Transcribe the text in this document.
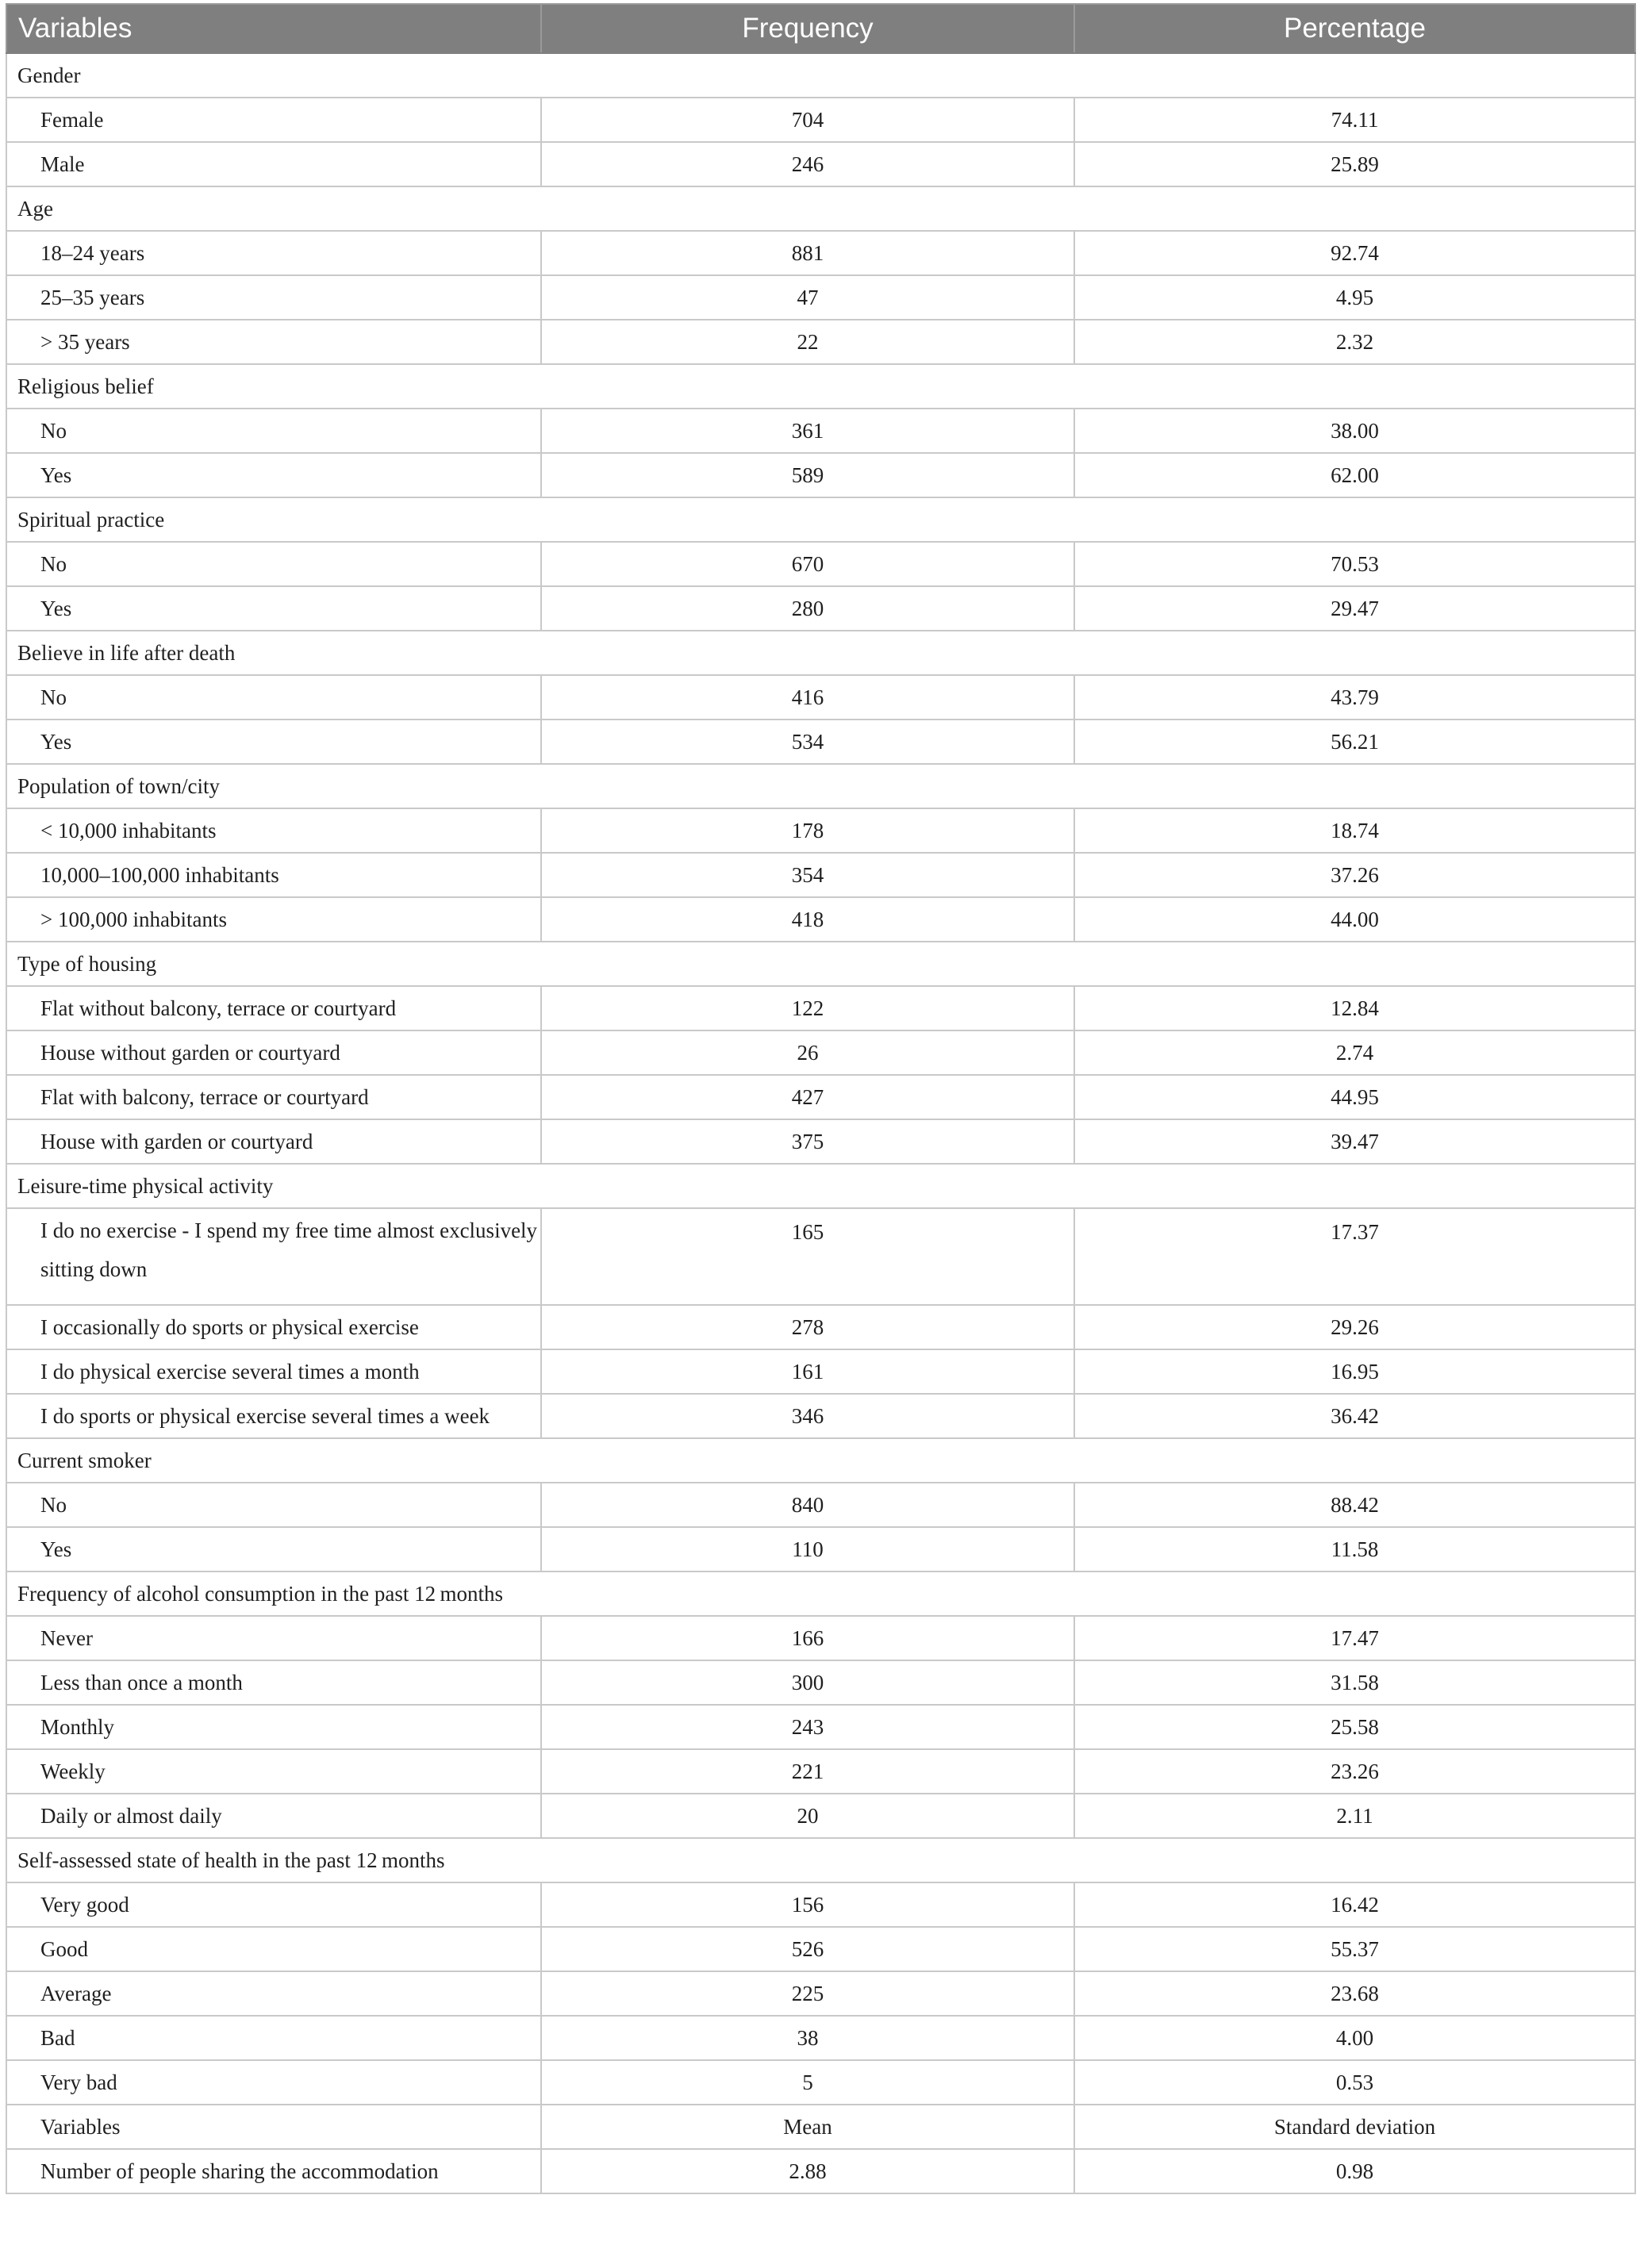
Variables	Frequency	Percentage
Gender		
Female	704	74.11
Male	246	25.89
Age		
18–24 years	881	92.74
25–35 years	47	4.95
> 35 years	22	2.32
Religious belief		
No	361	38.00
Yes	589	62.00
Spiritual practice		
No	670	70.53
Yes	280	29.47
Believe in life after death		
No	416	43.79
Yes	534	56.21
Population of town/city		
< 10,000 inhabitants	178	18.74
10,000–100,000 inhabitants	354	37.26
> 100,000 inhabitants	418	44.00
Type of housing		
Flat without balcony, terrace or courtyard	122	12.84
House without garden or courtyard	26	2.74
Flat with balcony, terrace or courtyard	427	44.95
House with garden or courtyard	375	39.47
Leisure-time physical activity		
I do no exercise - I spend my free time almost exclusively sitting down	165	17.37
I occasionally do sports or physical exercise	278	29.26
I do physical exercise several times a month	161	16.95
I do sports or physical exercise several times a week	346	36.42
Current smoker		
No	840	88.42
Yes	110	11.58
Frequency of alcohol consumption in the past 12 months		
Never	166	17.47
Less than once a month	300	31.58
Monthly	243	25.58
Weekly	221	23.26
Daily or almost daily	20	2.11
Self-assessed state of health in the past 12 months		
Very good	156	16.42
Good	526	55.37
Average	225	23.68
Bad	38	4.00
Very bad	5	0.53
Variables	Mean	Standard deviation
Number of people sharing the accommodation	2.88	0.98
